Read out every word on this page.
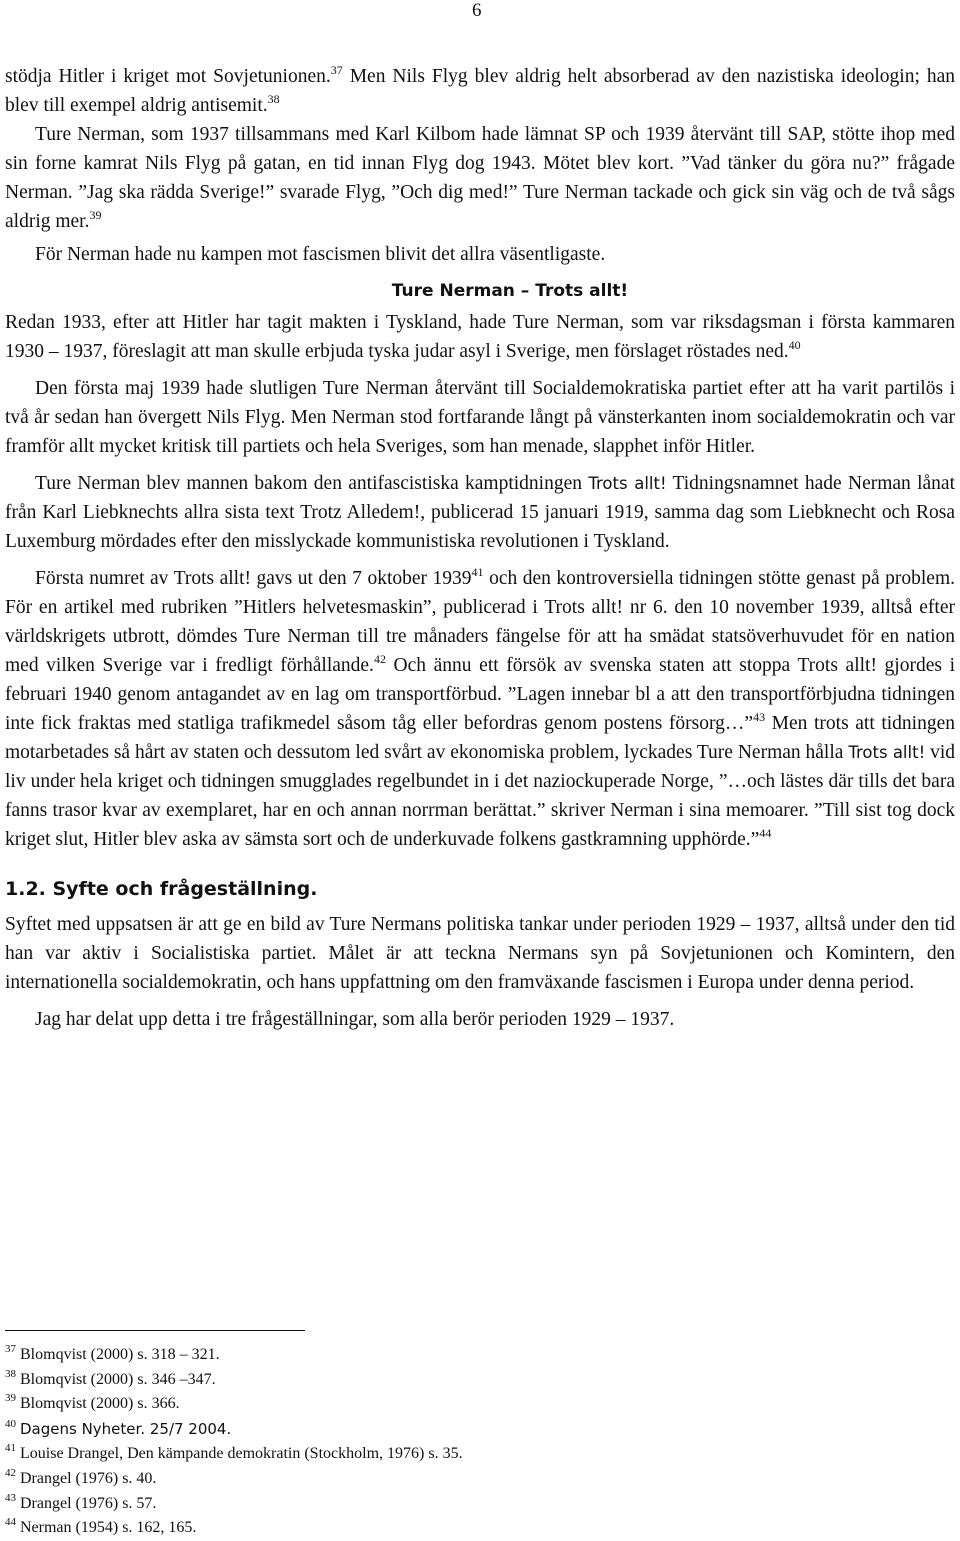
6

stödja Hitler i kriget mot Sovjetunionen.$^{37}$ Men Nils Flyg blev aldrig helt absorberad av den nazistiska ideologin; han blev till exempel aldrig antisemit.$^{38}$

Ture Nerman, som 1937 tillsammans med Karl Kilbom hade lämnat SP och 1939 återvänt till SAP, stötte ihop med sin forne kamrat Nils Flyg på gatan, en tid innan Flyg dog 1943. Mötet blev kort. ”Vad tänker du göra nu?” frågade Nerman. ”Jag ska rädda Sverige!” svarade Flyg, ”Och dig med!” Ture Nerman tackade och gick sin väg och de två sågs aldrig mer.$^{39}$

För Nerman hade nu kampen mot fascismen blivit det allra väsentligaste.

Ture Nerman – Trots allt!

Redan 1933, efter att Hitler har tagit makten i Tyskland, hade Ture Nerman, som var riksdagsman i första kammaren 1930 – 1937, föreslagit att man skulle erbjuda tyska judar asyl i Sverige, men förslaget röstades ned.$^{40}$

Den första maj 1939 hade slutligen Ture Nerman återvänt till Socialdemokratiska partiet efter att ha varit partilös i två år sedan han övergett Nils Flyg. Men Nerman stod fortfarande långt på vänsterkanten inom socialdemokratin och var framför allt mycket kritisk till partiets och hela Sveriges, som han menade, slapphet inför Hitler.

Ture Nerman blev mannen bakom den antifascistiska kamptidningen Trots allt! Tidningsnamnet hade Nerman lånat från Karl Liebknechts allra sista text Trotz Alledem!, publicerad 15 januari 1919, samma dag som Liebknecht och Rosa Luxemburg mördades efter den misslyckade kommunistiska revolutionen i Tyskland.

Första numret av Trots allt! gavs ut den 7 oktober 1939$^{41}$ och den kontroversiella tidningen stötte genast på problem. För en artikel med rubriken ”Hitlers helvetesmaskin”, publicerad i Trots allt! nr 6. den 10 november 1939, alltså efter världskrigets utbrott, dömdes Ture Nerman till tre månaders fängelse för att ha smädat statsöverhuvudet för en nation med vilken Sverige var i fredligt förhållande.$^{42}$ Och ännu ett försök av svenska staten att stoppa Trots allt! gjordes i februari 1940 genom antagandet av en lag om transportförbud. ”Lagen innebar bl a att den transportförbjudna tidningen inte fick fraktas med statliga trafikmedel såsom tåg eller befordras genom postens försorg…”$^{43}$ Men trots att tidningen motarbetades så hårt av staten och dessutom led svårt av ekonomiska problem, lyckades Ture Nerman hålla Trots allt! vid liv under hela kriget och tidningen smugglades regelbundet in i det naziockuperade Norge, ”…och lästes där tills det bara fanns trasor kvar av exemplaret, har en och annan norrman berättat.” skriver Nerman i sina memoarer. ”Till sist tog dock kriget slut, Hitler blev aska av sämsta sort och de underkuvade folkens gastkramning upphörde.”$^{44}$

1.2. Syfte och frågeställning.

Syftet med uppsatsen är att ge en bild av Ture Nermans politiska tankar under perioden 1929 – 1937, alltså under den tid han var aktiv i Socialistiska partiet. Målet är att teckna Nermans syn på Sovjetunionen och Komintern, den internationella socialdemokratin, och hans uppfattning om den framväxande fascismen i Europa under denna period.

Jag har delat upp detta i tre frågeställningar, som alla berör perioden 1929 – 1937.

$^{37}$ Blomqvist (2000) s. 318 – 321.
$^{38}$ Blomqvist (2000) s. 346 –347.
$^{39}$ Blomqvist (2000) s. 366.
$^{40}$ Dagens Nyheter. 25/7 2004.
$^{41}$ Louise Drangel, Den kämpande demokratin (Stockholm, 1976) s. 35.
$^{42}$ Drangel (1976) s. 40.
$^{43}$ Drangel (1976) s. 57.
$^{44}$ Nerman (1954) s. 162, 165.
